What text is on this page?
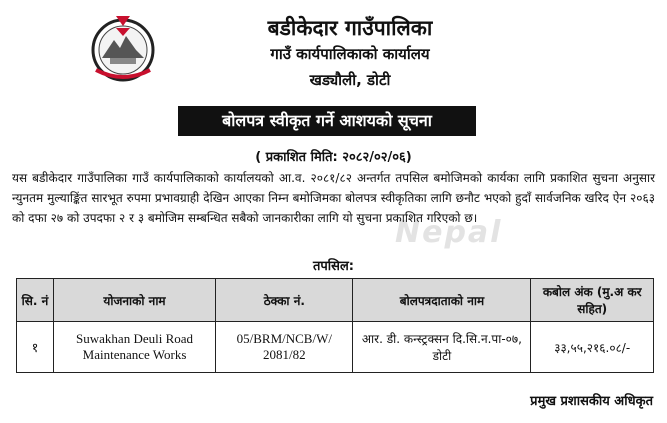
बडीकेदार गाउँपालिका
गाउँ कार्यपालिकाको कार्यालय
खड्यौली, डोटी
बोलपत्र स्वीकृत गर्ने आशयको सूचना
( प्रकाशित मिति: २०८२/०२/०६)
Nepal
यस बडीकेदार गाउँपालिका गाउँ कार्यपालिकाको कार्यालयको आ.व. २०८१/८२ अन्तर्गत तपसिल बमोजिमको कार्यका लागि प्रकाशित सुचना अनुसार न्युनतम मुल्याङ्किंत सारभूत रुपमा प्रभावग्राही देखिन आएका निम्न बमोजिमका बोलपत्र स्वीकृतिका लागि छनौट भएको हुदाँ सार्वजनिक खरिद ऐन २०६३ को दफा २७ को उपदफा २ र ३ बमोजिम सम्बन्धित सबैको जानकारीका लागि यो सुचना प्रकाशित गरिएको छ।
तपसिल:
सि. नं	योजनाको नाम	ठेक्का नं.	बोलपत्रदाताको नाम	कबोल अंक (मु.अ कर सहित)
१	Suwakhan Deuli Road Maintenance Works	05/BRM/NCB/W/ 2081/82	आर. डी. कन्स्ट्रक्सन दि.सि.न.पा-०७, डोटी	३३,५५,२१६.०८/-
प्रमुख प्रशासकीय अधिकृत
